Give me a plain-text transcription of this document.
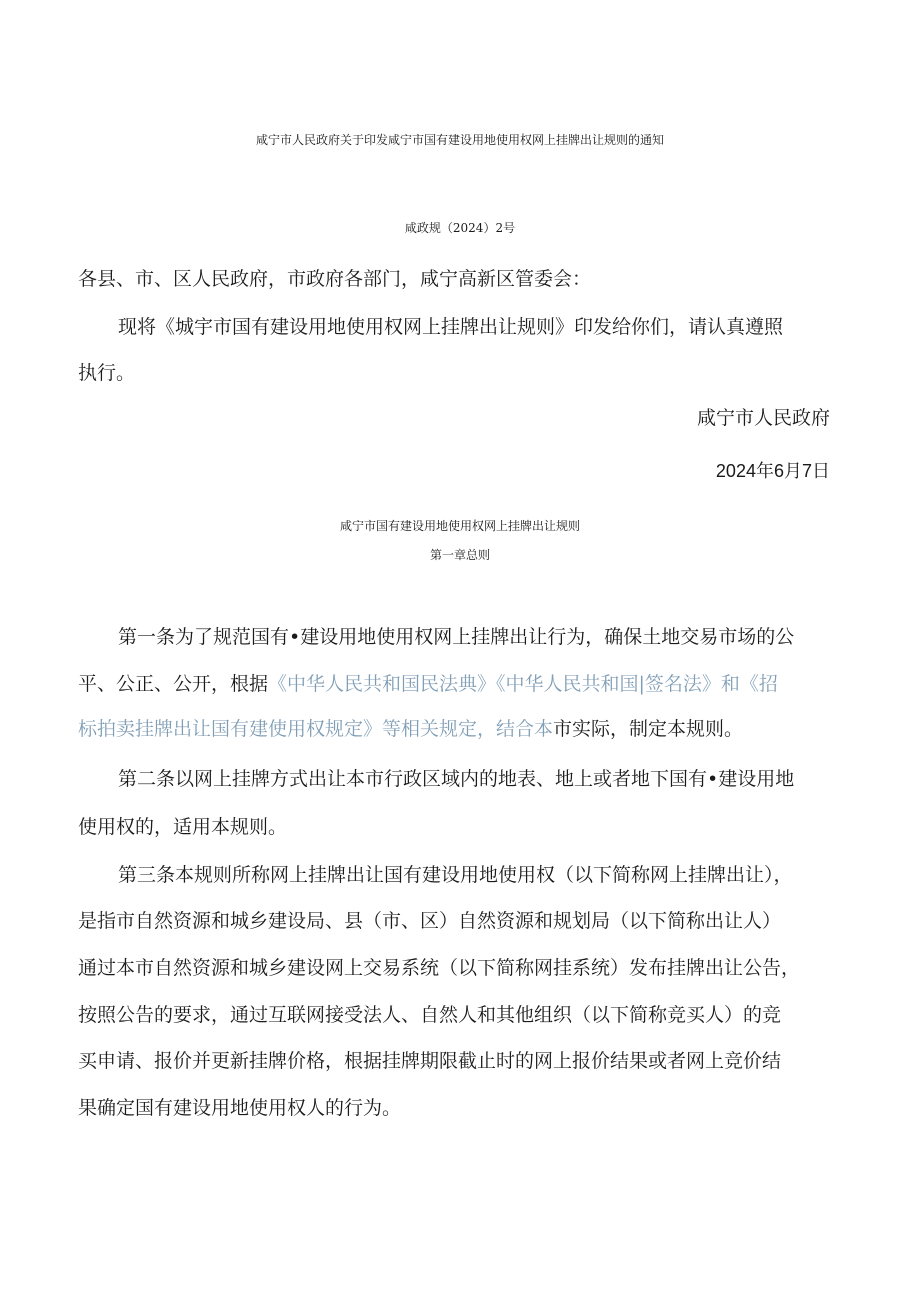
咸宁市人民政府关于印发咸宁市国有建设用地使用权网上挂牌出让规则的通知
咸政规（2024）2号
各县、市、区人民政府，市政府各部门，咸宁高新区管委会：
现将《城宇市国有建设用地使用权网上挂牌出让规则》印发给你们，请认真遵照
执行。
咸宁市人民政府
2024年6月7日
咸宁市国有建设用地使用权网上挂牌出让规则
第一章总则
第一条为了规范国有•建设用地使用权网上挂牌出让行为，确保土地交易市场的公
平、公正、公开，根据《中华人民共和国民法典》《中华人民共和国|签名法》和《招
标拍卖挂牌出让国有建使用权规定》等相关规定，结合本市实际，制定本规则。
第二条以网上挂牌方式出让本市行政区域内的地表、地上或者地下国有•建设用地
使用权的，适用本规则。
第三条本规则所称网上挂牌出让国有建设用地使用权（以下简称网上挂牌出让），
是指市自然资源和城乡建设局、县（市、区）自然资源和规划局（以下简称出让人）
通过本市自然资源和城乡建设网上交易系统（以下简称网挂系统）发布挂牌出让公告，
按照公告的要求，通过互联网接受法人、自然人和其他组织（以下简称竞买人）的竞
买申请、报价并更新挂牌价格，根据挂牌期限截止时的网上报价结果或者网上竞价结
果确定国有建设用地使用权人的行为。
